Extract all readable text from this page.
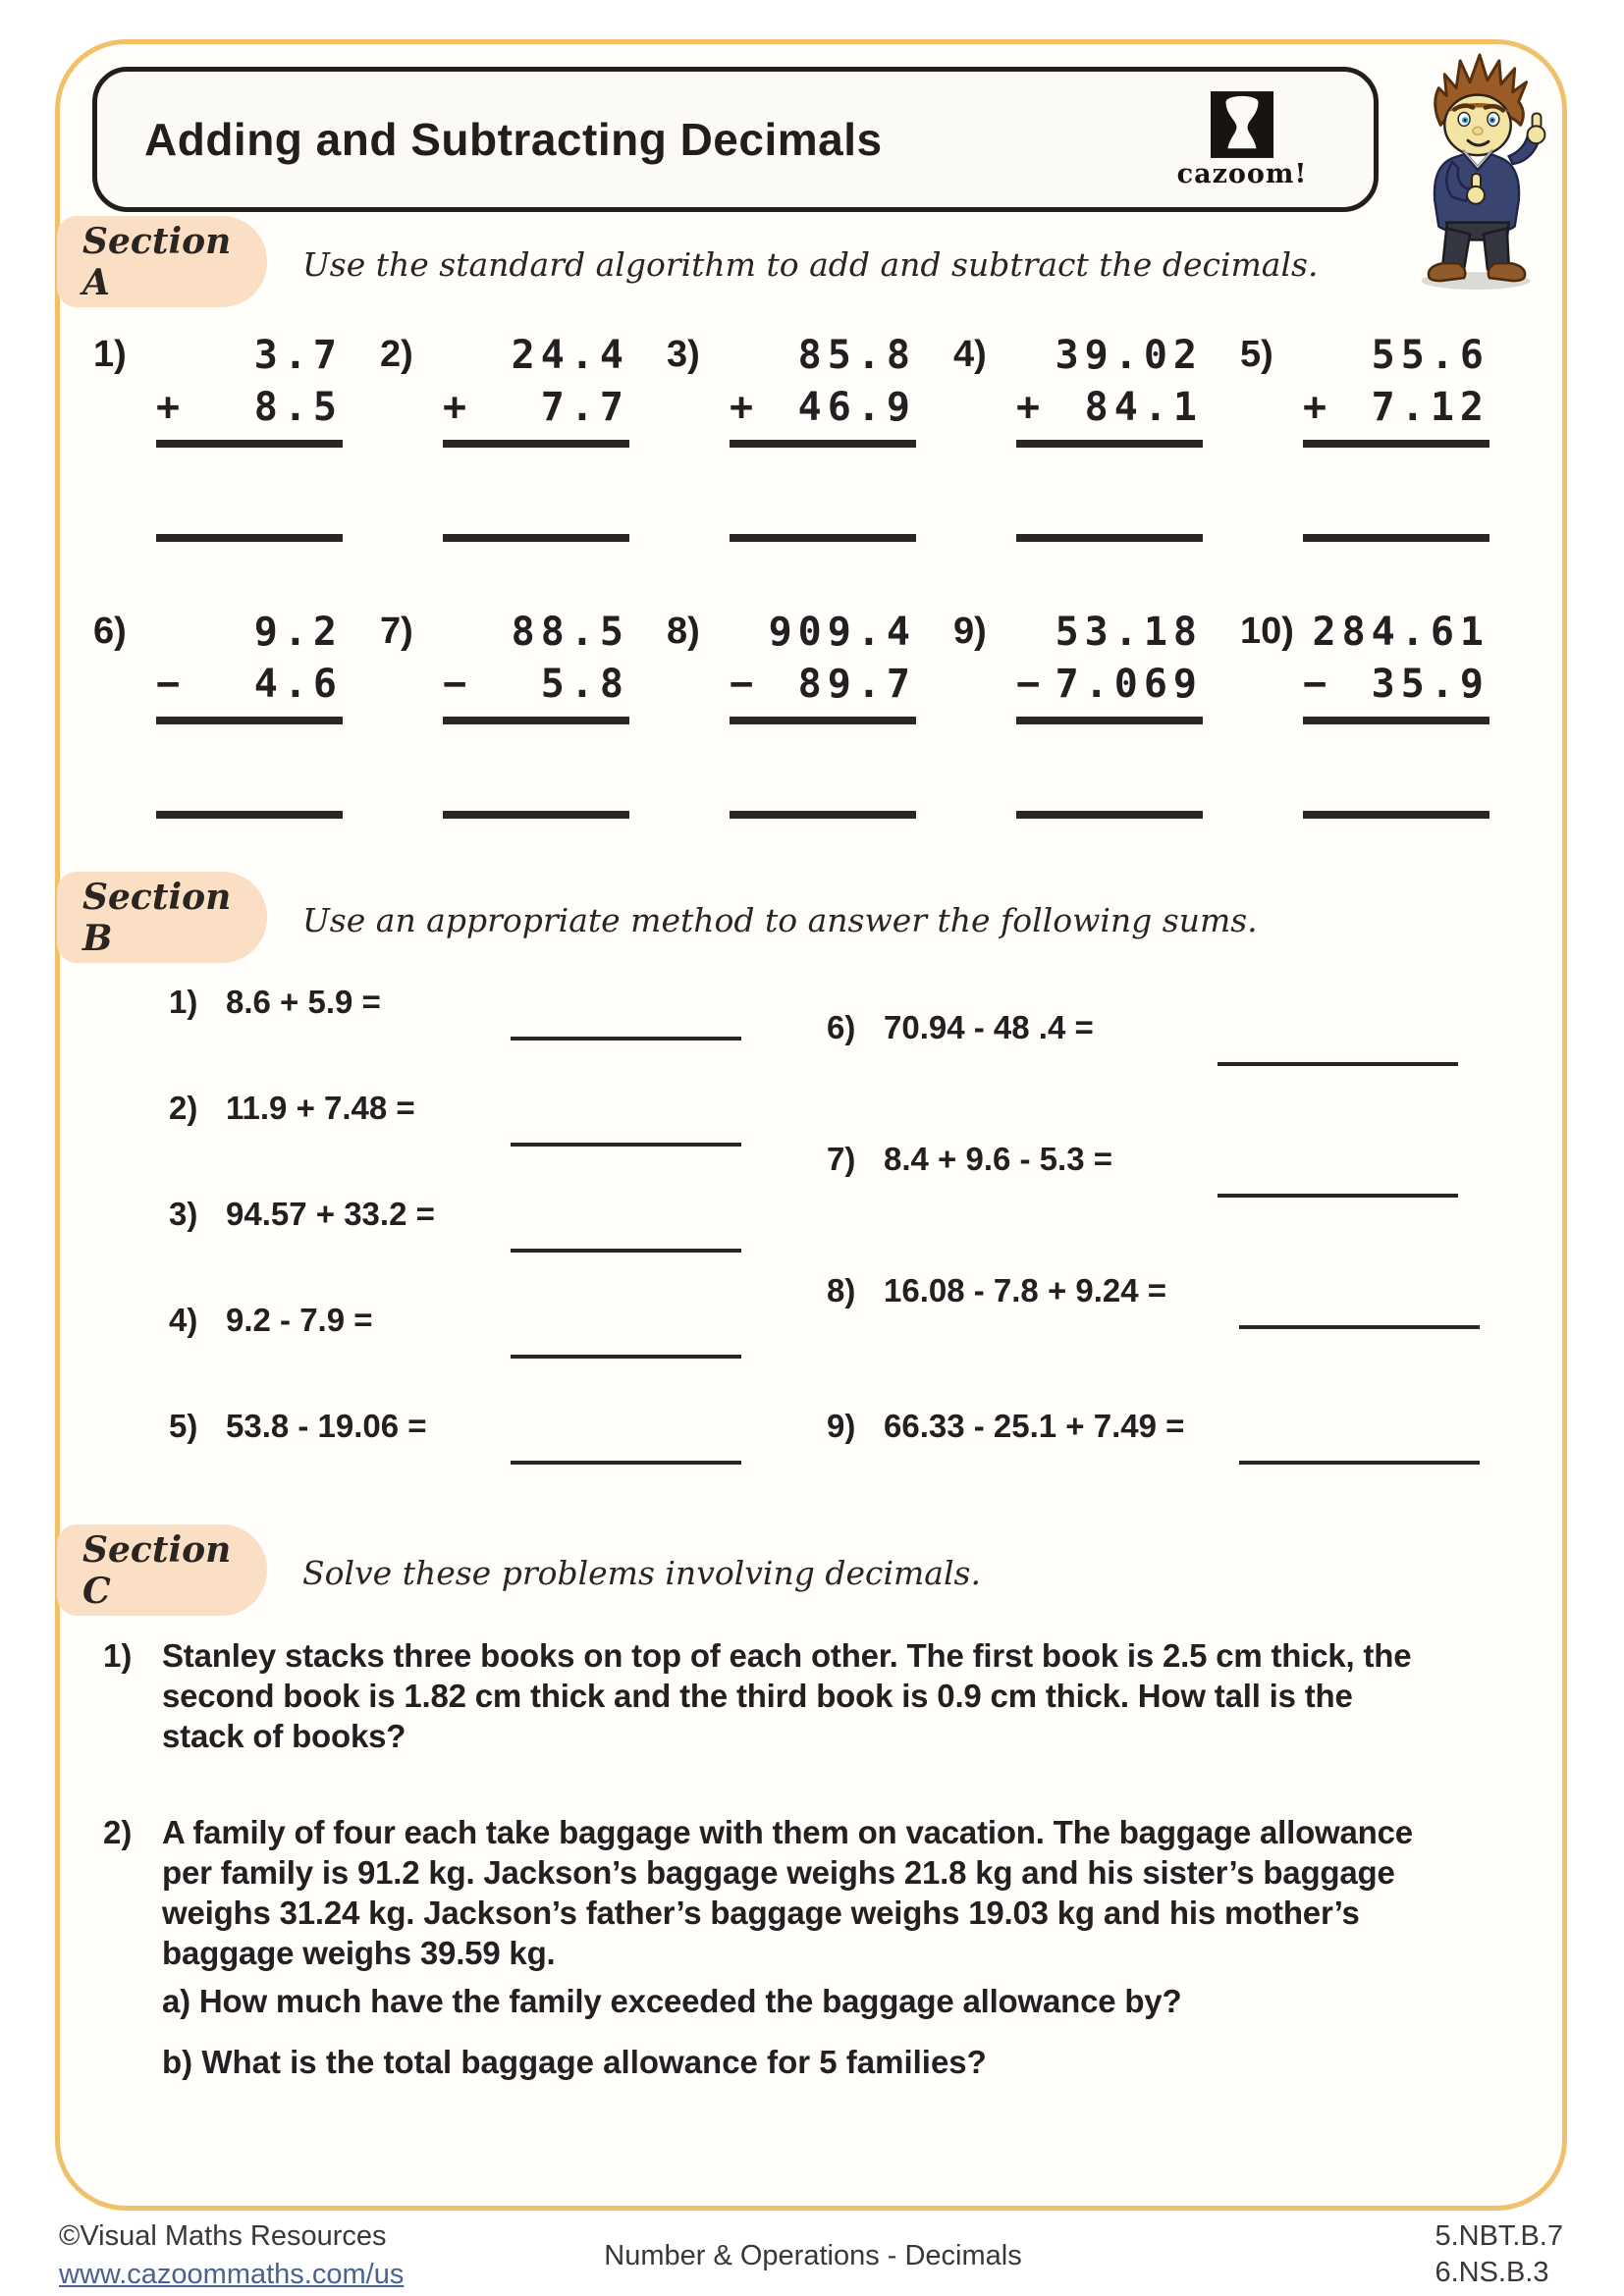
Adding and Subtracting Decimals
cazoom!
Section A	Use the standard algorithm to add and subtract the decimals.
1)	3.7
+ 8.5
2)	24.4
+ 7.7
3)	85.8
+ 46.9
4)	39.02
+ 84.1
5)	55.6
+ 7.12
6)	9.2
− 4.6
7)	88.5
− 5.8
8)	909.4
− 89.7
9)	53.18
− 7.069
10) 284.61
− 35.9
Section B	Use an appropriate method to answer the following sums.
1) 8.6 + 5.9 =
2) 11.9 + 7.48 =
3) 94.57 + 33.2 =
4) 9.2 - 7.9 =
5) 53.8 - 19.06 =
6) 70.94 - 48 .4 =
7) 8.4 + 9.6 - 5.3 =
8) 16.08 - 7.8 + 9.24 =
9) 66.33 - 25.1 + 7.49 =
Section C	Solve these problems involving decimals.
1) Stanley stacks three books on top of each other. The first book is 2.5 cm thick, the second book is 1.82 cm thick and the third book is 0.9 cm thick. How tall is the stack of books?
2) A family of four each take baggage with them on vacation. The baggage allowance per family is 91.2 kg. Jackson’s baggage weighs 21.8 kg and his sister’s baggage weighs 31.24 kg. Jackson’s father’s baggage weighs 19.03 kg and his mother’s baggage weighs 39.59 kg.
a) How much have the family exceeded the baggage allowance by?
b) What is the total baggage allowance for 5 families?
©Visual Maths Resources
www.cazoommaths.com/us
Number & Operations - Decimals
5.NBT.B.7
6.NS.B.3
